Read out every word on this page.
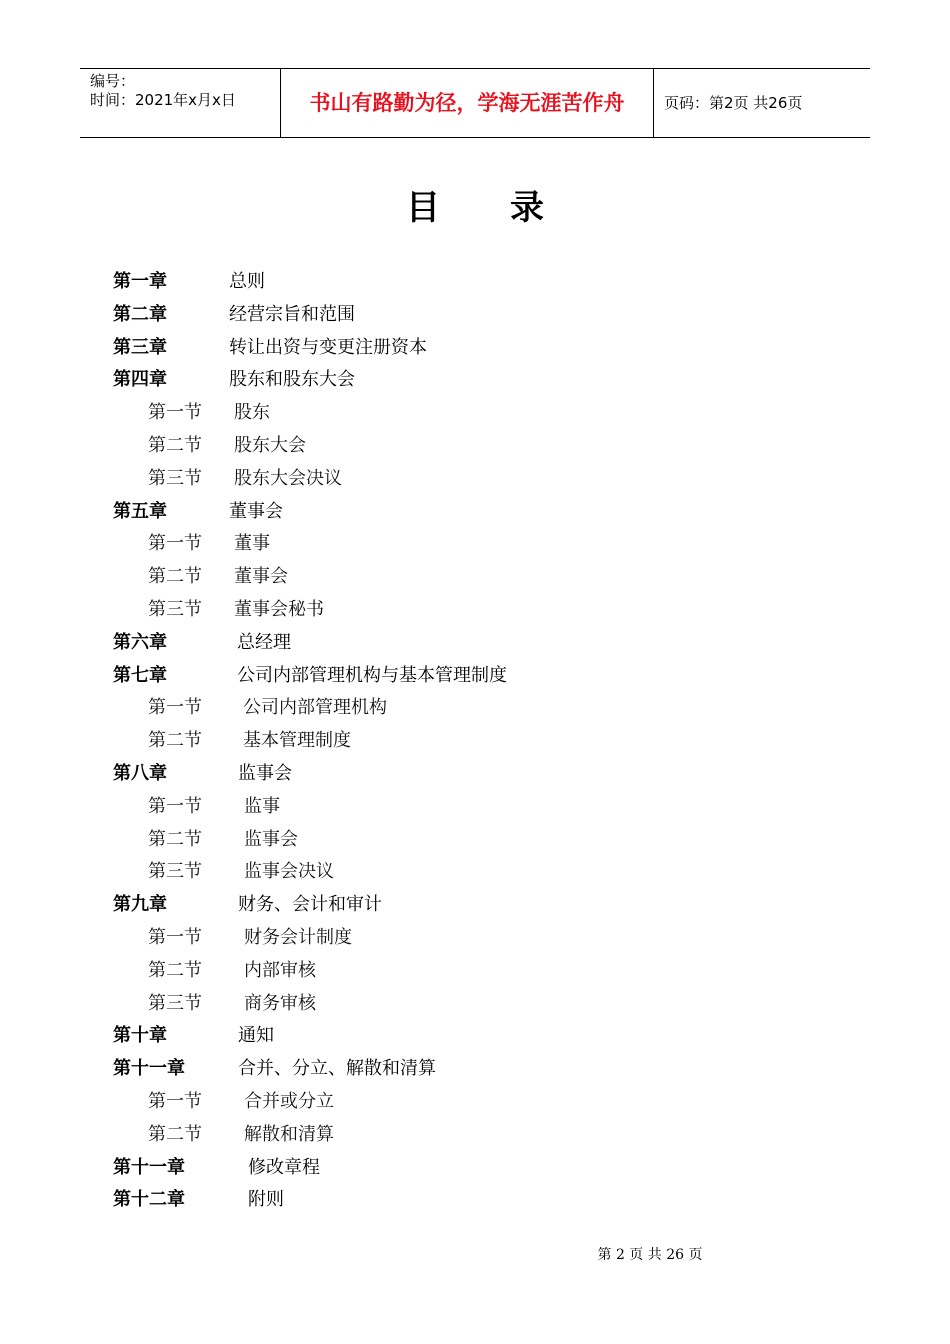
编号：
时间：2021年x月x日	书山有路勤为径，学海无涯苦作舟	页码：第2页 共26页
目录
第一章	总则
第二章	经营宗旨和范围
第三章	转让出资与变更注册资本
第四章	股东和股东大会
第一节 股东
第二节 股东大会
第三节 股东大会决议
第五章	董事会
第一节 董事
第二节 董事会
第三节 董事会秘书
第六章	总经理
第七章	公司内部管理机构与基本管理制度
第一节 公司内部管理机构
第二节 基本管理制度
第八章	监事会
第一节 监事
第二节 监事会
第三节 监事会决议
第九章	财务、会计和审计
第一节 财务会计制度
第二节 内部审核
第三节 商务审核
第十章	通知
第十一章	合并、分立、解散和清算
第一节 合并或分立
第二节 解散和清算
第十一章	修改章程
第十二章	附则
第 2 页 共 26 页
